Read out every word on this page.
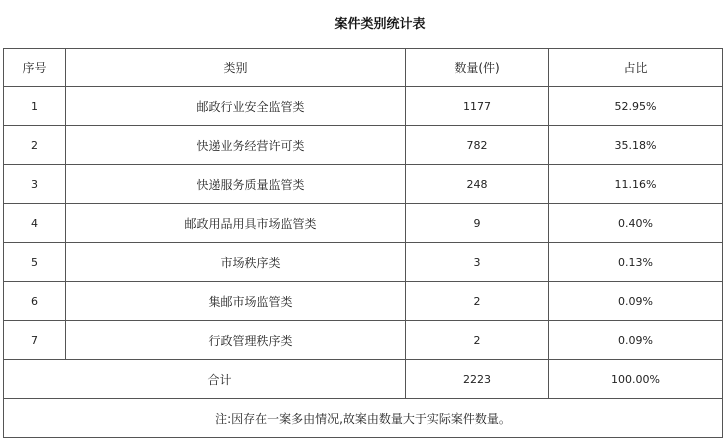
案件类别统计表
序号	类别	数量(件)	占比
1	邮政行业安全监管类	1177	52.95%
2	快递业务经营许可类	782	35.18%
3	快递服务质量监管类	248	11.16%
4	邮政用品用具市场监管类	9	0.40%
5	市场秩序类	3	0.13%
6	集邮市场监管类	2	0.09%
7	行政管理秩序类	2	0.09%
合计		2223	100.00%
注:因存在一案多由情况,故案由数量大于实际案件数量。			
